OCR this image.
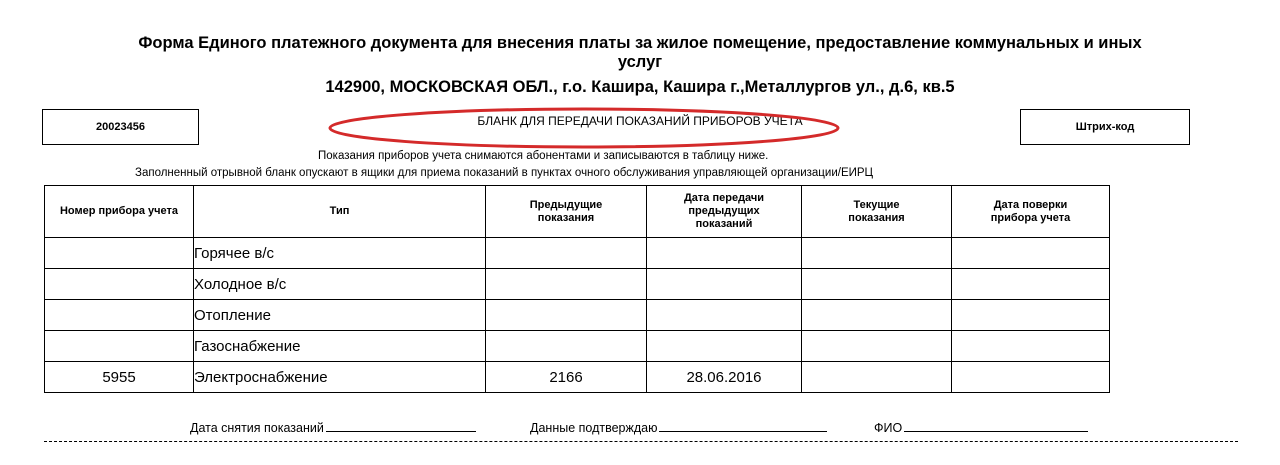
Форма Единого платежного документа для внесения платы за жилое помещение, предоставление коммунальных и иных
услуг
142900, МОСКОВСКАЯ ОБЛ., г.о. Кашира, Кашира г.,Металлургов ул., д.6, кв.5
20023456	БЛАНК ДЛЯ ПЕРЕДАЧИ ПОКАЗАНИЙ ПРИБОРОВ УЧЕТА	Штрих-код
Показания приборов учета снимаются абонентами и записываются в таблицу ниже.
Заполненный отрывной бланк опускают в ящики для приема показаний в пунктах очного обслуживания управляющей организации/ЕИРЦ
Номер прибора учета	Тип	Предыдущие показания	Дата передачи предыдущих показаний	Текущие показания	Дата поверки прибора учета

	Горячее в/с				
	Холодное в/с				
	Отопление				
	Газоснабжение				
5955	Электроснабжение	2166	28.06.2016		
Дата снятия показаний	Данные подтверждаю	ФИО
